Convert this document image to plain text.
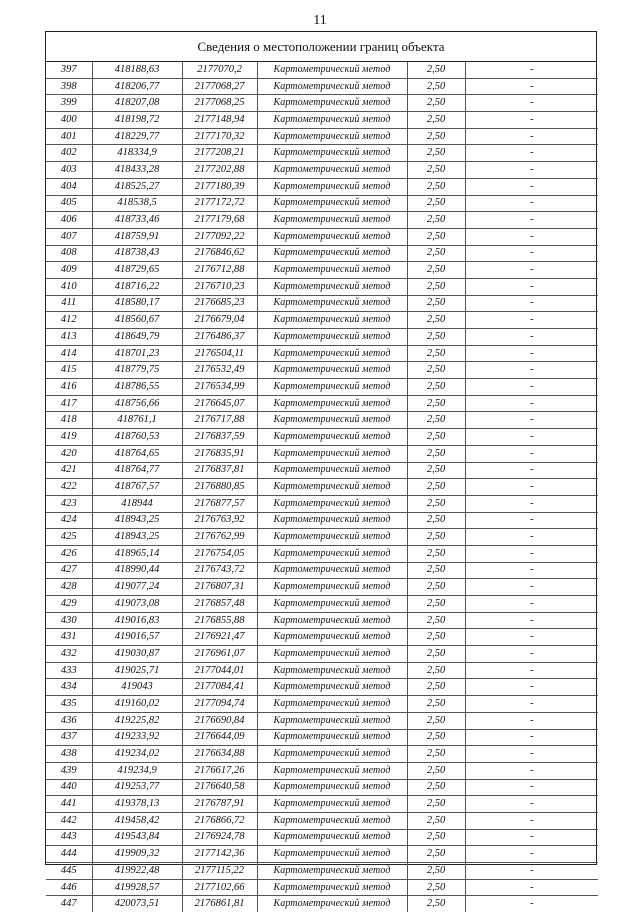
11
Сведения о местоположении границ объекта
397	418188,63	2177070,2	Картометрический метод	2,50	-
398	418206,77	2177068,27	Картометрический метод	2,50	-
399	418207,08	2177068,25	Картометрический метод	2,50	-
400	418198,72	2177148,94	Картометрический метод	2,50	-
401	418229,77	2177170,32	Картометрический метод	2,50	-
402	418334,9	2177208,21	Картометрический метод	2,50	-
403	418433,28	2177202,88	Картометрический метод	2,50	-
404	418525,27	2177180,39	Картометрический метод	2,50	-
405	418538,5	2177172,72	Картометрический метод	2,50	-
406	418733,46	2177179,68	Картометрический метод	2,50	-
407	418759,91	2177092,22	Картометрический метод	2,50	-
408	418738,43	2176846,62	Картометрический метод	2,50	-
409	418729,65	2176712,88	Картометрический метод	2,50	-
410	418716,22	2176710,23	Картометрический метод	2,50	-
411	418580,17	2176685,23	Картометрический метод	2,50	-
412	418560,67	2176679,04	Картометрический метод	2,50	-
413	418649,79	2176486,37	Картометрический метод	2,50	-
414	418701,23	2176504,11	Картометрический метод	2,50	-
415	418779,75	2176532,49	Картометрический метод	2,50	-
416	418786,55	2176534,99	Картометрический метод	2,50	-
417	418756,66	2176645,07	Картометрический метод	2,50	-
418	418761,1	2176717,88	Картометрический метод	2,50	-
419	418760,53	2176837,59	Картометрический метод	2,50	-
420	418764,65	2176835,91	Картометрический метод	2,50	-
421	418764,77	2176837,81	Картометрический метод	2,50	-
422	418767,57	2176880,85	Картометрический метод	2,50	-
423	418944	2176877,57	Картометрический метод	2,50	-
424	418943,25	2176763,92	Картометрический метод	2,50	-
425	418943,25	2176762,99	Картометрический метод	2,50	-
426	418965,14	2176754,05	Картометрический метод	2,50	-
427	418990,44	2176743,72	Картометрический метод	2,50	-
428	419077,24	2176807,31	Картометрический метод	2,50	-
429	419073,08	2176857,48	Картометрический метод	2,50	-
430	419016,83	2176855,88	Картометрический метод	2,50	-
431	419016,57	2176921,47	Картометрический метод	2,50	-
432	419030,87	2176961,07	Картометрический метод	2,50	-
433	419025,71	2177044,01	Картометрический метод	2,50	-
434	419043	2177084,41	Картометрический метод	2,50	-
435	419160,02	2177094,74	Картометрический метод	2,50	-
436	419225,82	2176690,84	Картометрический метод	2,50	-
437	419233,92	2176644,09	Картометрический метод	2,50	-
438	419234,02	2176634,88	Картометрический метод	2,50	-
439	419234,9	2176617,26	Картометрический метод	2,50	-
440	419253,77	2176640,58	Картометрический метод	2,50	-
441	419378,13	2176787,91	Картометрический метод	2,50	-
442	419458,42	2176866,72	Картометрический метод	2,50	-
443	419543,84	2176924,78	Картометрический метод	2,50	-
444	419909,32	2177142,36	Картометрический метод	2,50	-
445	419922,48	2177115,22	Картометрический метод	2,50	-
446	419928,57	2177102,66	Картометрический метод	2,50	-
447	420073,51	2176861,81	Картометрический метод	2,50	-
